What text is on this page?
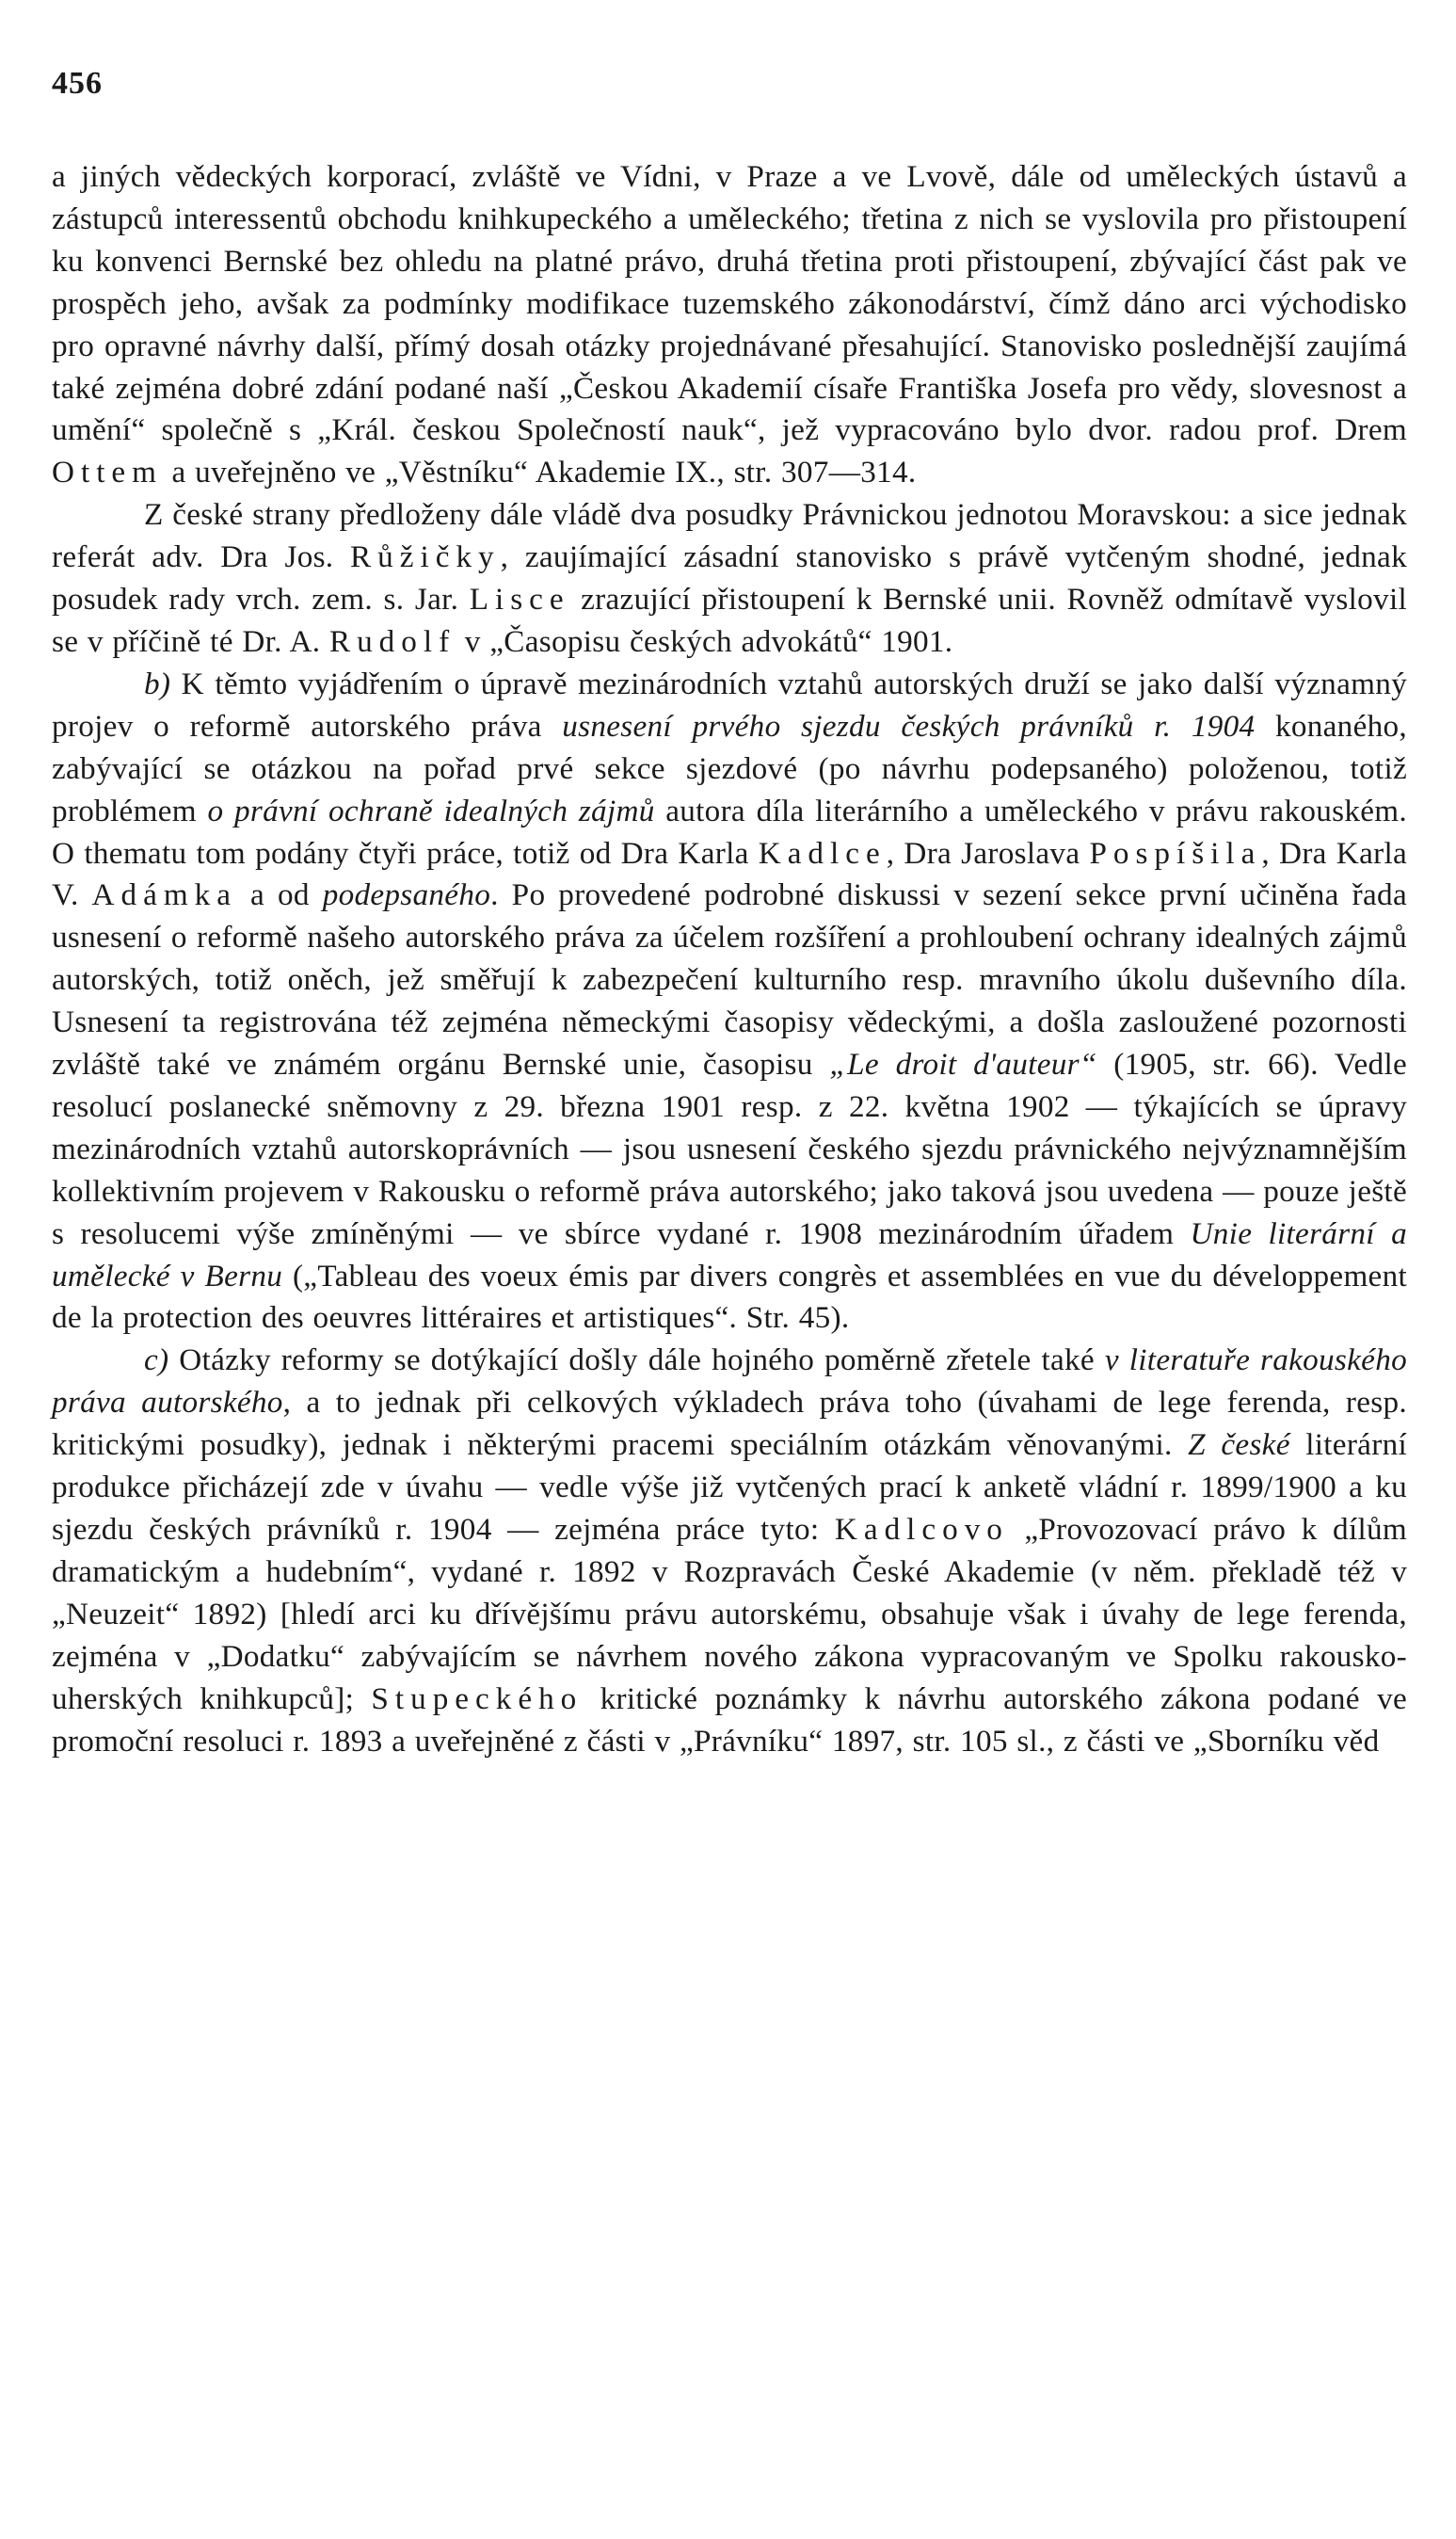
456

a jiných vědeckých korporací, zvláště ve Vídni, v Praze a ve Lvově, dále od uměleckých ústavů a zástupců interessentů obchodu knihkupeckého a uměleckého; třetina z nich se vyslovila pro přistoupení ku konvenci Bernské bez ohledu na platné právo, druhá třetina proti přistoupení, zbývající část pak ve prospěch jeho, avšak za podmínky modifikace tuzemského zákonodárství, čímž dáno arci východisko pro opravné návrhy další, přímý dosah otázky projednávané přesahující. Stanovisko poslednější zaujímá také zejména dobré zdání podané naší „Českou Akademií císaře Františka Josefa pro vědy, slovesnost a umění“ společně s „Král. českou Společností nauk“, jež vypracováno bylo dvor. radou prof. Drem Ottem a uveřejněno ve „Věstníku“ Akademie IX., str. 307—314.

Z české strany předloženy dále vládě dva posudky Právnickou jednotou Moravskou: a sice jednak referát adv. Dra Jos. Růžičky, zaujímající zásadní stanovisko s právě vytčeným shodné, jednak posudek rady vrch. zem. s. Jar. Lisce zrazující přistoupení k Bernské unii. Rovněž odmítavě vyslovil se v příčině té Dr. A. Rudolf v „Časopisu českých advokátů“ 1901.

b) K těmto vyjádřením o úpravě mezinárodních vztahů autorských druží se jako další významný projev o reformě autorského práva usnesení prvého sjezdu českých právníků r. 1904 konaného, zabývající se otázkou na pořad prvé sekce sjezdové (po návrhu podepsaného) položenou, totiž problémem o právní ochraně idealných zájmů autora díla literárního a uměleckého v právu rakouském. O thematu tom podány čtyři práce, totiž od Dra Karla Kadlce, Dra Jaroslava Pospíšila, Dra Karla V. Adámka a od podepsaného. Po provedené podrobné diskussi v sezení sekce první učiněna řada usnesení o reformě našeho autorského práva za účelem rozšíření a prohloubení ochrany idealných zájmů autorských, totiž oněch, jež směřují k zabezpečení kulturního resp. mravního úkolu duševního díla. Usnesení ta registrována též zejména německými časopisy vědeckými, a došla zasloužené pozornosti zvláště také ve známém orgánu Bernské unie, časopisu „Le droit d'auteur“ (1905, str. 66). Vedle resolucí poslanecké sněmovny z 29. března 1901 resp. z 22. května 1902 — týkajících se úpravy mezinárodních vztahů autorskoprávních — jsou usnesení českého sjezdu právnického nejvýznamnějším kollektivním projevem v Rakousku o reformě práva autorského; jako taková jsou uvedena — pouze ještě s resolucemi výše zmíněnými — ve sbírce vydané r. 1908 mezinárodním úřadem Unie literární a umělecké v Bernu („Tableau des voeux émis par divers congrès et assemblées en vue du développement de la protection des oeuvres littéraires et artistiques“. Str. 45).

c) Otázky reformy se dotýkající došly dále hojného poměrně zřetele také v literatuře rakouského práva autorského, a to jednak při celkových výkladech práva toho (úvahami de lege ferenda, resp. kritickými posudky), jednak i některými pracemi speciálním otázkám věnovanými. Z české literární produkce přicházejí zde v úvahu — vedle výše již vytčených prací k anketě vládní r. 1899/1900 a ku sjezdu českých právníků r. 1904 — zejména práce tyto: Kadlcovo „Provozovací právo k dílům dramatickým a hudebním“, vydané r. 1892 v Rozpravách České Akademie (v něm. překladě též v „Neuzeit“ 1892) [hledí arci ku dřívějšímu právu autorskému, obsahuje však i úvahy de lege ferenda, zejména v „Dodatku“ zabývajícím se návrhem nového zákona vypracovaným ve Spolku rakousko-uherských knihkupců]; Stupeckého kritické poznámky k návrhu autorského zákona podané ve promoční resoluci r. 1893 a uveřejněné z části v „Právníku“ 1897, str. 105 sl., z části ve „Sborníku věd
